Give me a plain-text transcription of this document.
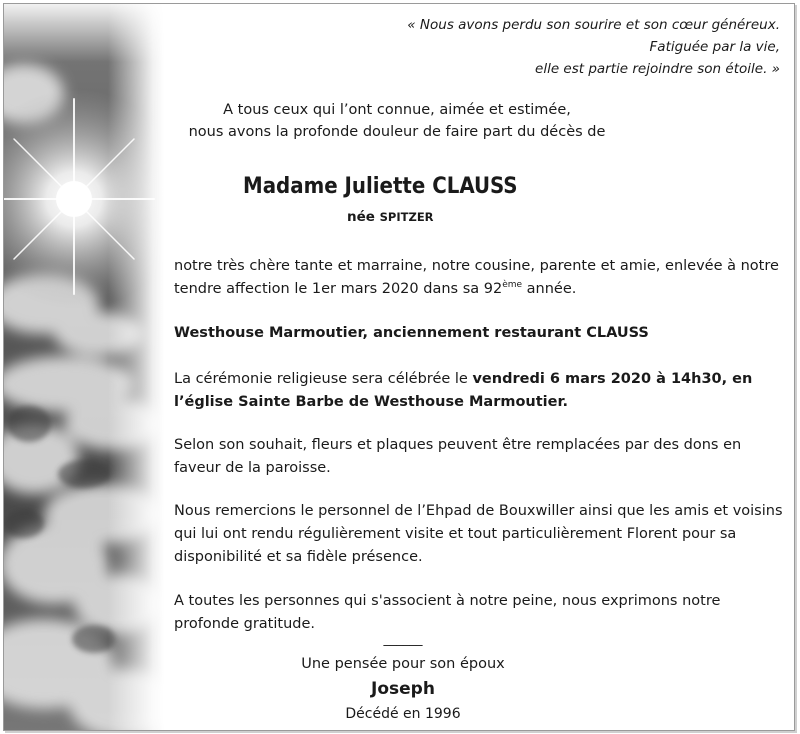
« Nous avons perdu son sourire et son cœur généreux.

Fatiguée par la vie,

elle est partie rejoindre son étoile. »

A tous ceux qui l’ont connue, aimée et estimée,

nous avons la profonde douleur de faire part du décès de

Madame Juliette CLAUSS

née SPITZER

notre très chère tante et marraine, notre cousine, parente et amie, enlevée à notre

tendre affection le 1er mars 2020 dans sa 92ème année.

Westhouse Marmoutier, anciennement restaurant CLAUSS

La cérémonie religieuse sera célébrée le vendredi 6 mars 2020 à 14h30, en

l’église Sainte Barbe de Westhouse Marmoutier.

Selon son souhait, fleurs et plaques peuvent être remplacées par des dons en

faveur de la paroisse.

Nous remercions le personnel de l’Ehpad de Bouxwiller ainsi que les amis et voisins

qui lui ont rendu régulièrement visite et tout particulièrement Florent pour sa

disponibilité et sa fidèle présence.

A toutes les personnes qui s'associent à notre peine, nous exprimons notre

profonde gratitude.

______

Une pensée pour son époux

Joseph

Décédé en 1996
